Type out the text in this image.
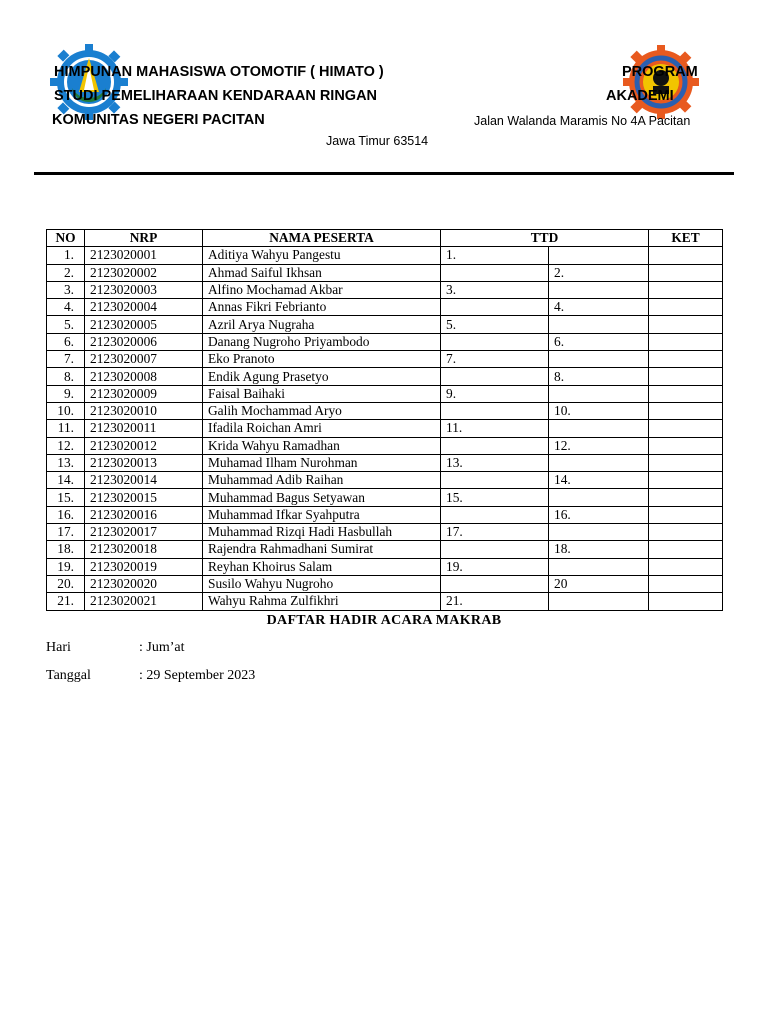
HIMPUNAN MAHASISWA OTOMOTIF ( HIMATO )	PROGRAM
STUDI PEMELIHARAAN KENDARAAN RINGAN	AKADEMI
KOMUNITAS NEGERI PACITAN	Jalan Walanda Maramis No 4A Pacitan
Jawa Timur 63514
NO	NRP	NAMA PESERTA	TTD		KET
1.	2123020001	Aditiya Wahyu Pangestu	1.		
2.	2123020002	Ahmad Saiful Ikhsan		2.	
3.	2123020003	Alfino Mochamad Akbar	3.		
4.	2123020004	Annas Fikri Febrianto		4.	
5.	2123020005	Azril Arya Nugraha	5.		
6.	2123020006	Danang Nugroho Priyambodo		6.	
7.	2123020007	Eko Pranoto	7.		
8.	2123020008	Endik Agung Prasetyo		8.	
9.	2123020009	Faisal Baihaki	9.		
10.	2123020010	Galih Mochammad Aryo		10.	
11.	2123020011	Ifadila Roichan Amri	11.		
12.	2123020012	Krida Wahyu Ramadhan		12.	
13.	2123020013	Muhamad Ilham Nurohman	13.		
14.	2123020014	Muhammad Adib Raihan		14.	
15.	2123020015	Muhammad Bagus Setyawan	15.		
16.	2123020016	Muhammad Ifkar Syahputra		16.	
17.	2123020017	Muhammad Rizqi Hadi Hasbullah	17.		
18.	2123020018	Rajendra Rahmadhani Sumirat		18.	
19.	2123020019	Reyhan Khoirus Salam	19.		
20.	2123020020	Susilo Wahyu Nugroho		20	
21.	2123020021	Wahyu Rahma Zulfikhri	21.		
DAFTAR HADIR ACARA MAKRAB
Hari	: Jum’at
Tanggal	: 29 September 2023
